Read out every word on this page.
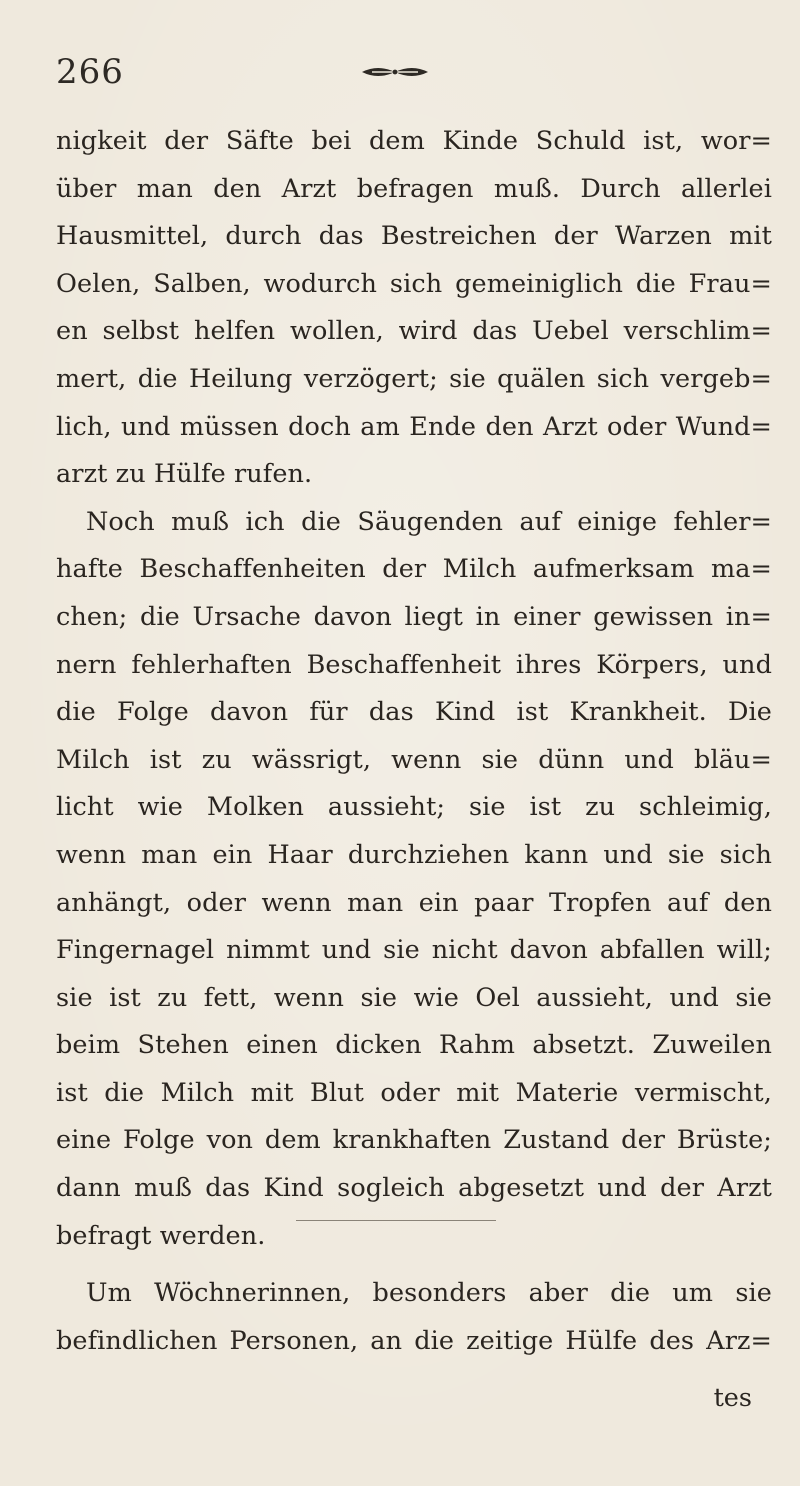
266
nigkeit der Säfte bei dem Kinde Schuld ist, wor=
über man den Arzt befragen muß. Durch allerlei
Hausmittel, durch das Bestreichen der Warzen mit
Oelen, Salben, wodurch sich gemeiniglich die Frau=
en selbst helfen wollen, wird das Uebel verschlim=
mert, die Heilung verzögert; sie quälen sich vergeb=
lich, und müssen doch am Ende den Arzt oder Wund=
arzt zu Hülfe rufen.
Noch muß ich die Säugenden auf einige fehler=
hafte Beschaffenheiten der Milch aufmerksam ma=
chen; die Ursache davon liegt in einer gewissen in=
nern fehlerhaften Beschaffenheit ihres Körpers, und
die Folge davon für das Kind ist Krankheit. Die
Milch ist zu wässrigt, wenn sie dünn und bläu=
licht wie Molken aussieht; sie ist zu schleimig,
wenn man ein Haar durchziehen kann und sie sich
anhängt, oder wenn man ein paar Tropfen auf den
Fingernagel nimmt und sie nicht davon abfallen will;
sie ist zu fett, wenn sie wie Oel aussieht, und sie
beim Stehen einen dicken Rahm absetzt. Zuweilen
ist die Milch mit Blut oder mit Materie vermischt,
eine Folge von dem krankhaften Zustand der Brüste;
dann muß das Kind sogleich abgesetzt und der Arzt
befragt werden.
Um Wöchnerinnen, besonders aber die um sie
befindlichen Personen, an die zeitige Hülfe des Arz=
tes
